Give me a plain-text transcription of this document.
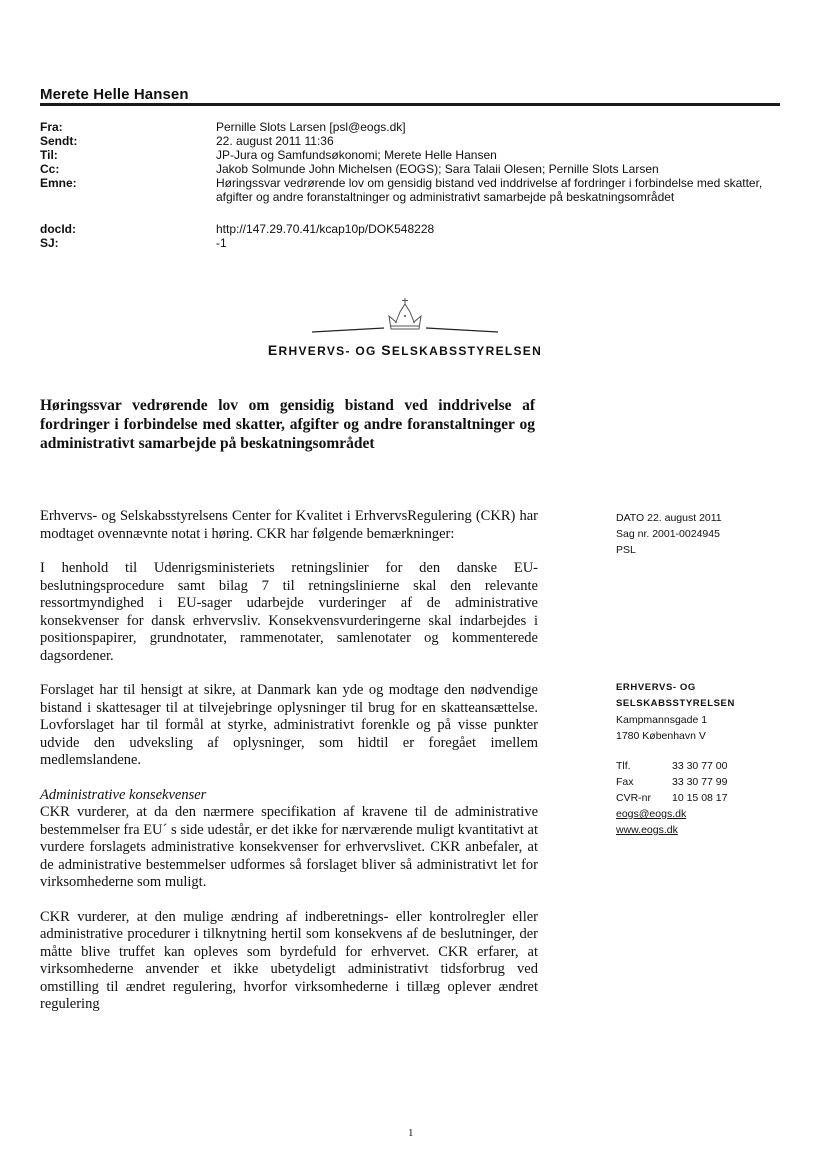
Merete Helle Hansen
Fra:	Pernille Slots Larsen [psl@eogs.dk]
Sendt:	22. august 2011 11:36
Til:	JP-Jura og Samfundsøkonomi; Merete Helle Hansen
Cc:	Jakob Solmunde John Michelsen (EOGS); Sara Talaii Olesen; Pernille Slots Larsen
Emne:	Høringssvar vedrørende lov om gensidig bistand ved inddrivelse af fordringer i forbindelse med skatter, afgifter og andre foranstaltninger og administrativt samarbejde på beskatningsområdet
docId:	http://147.29.70.41/kcap10p/DOK548228
SJ:	-1
ERHVERVS- OG SELSKABSSTYRELSEN
Høringssvar vedrørende lov om gensidig bistand ved inddrivelse af fordringer i forbindelse med skatter, afgifter og andre foranstaltninger og administrativt samarbejde på beskatningsområdet

Erhvervs- og Selskabsstyrelsens Center for Kvalitet i ErhvervsRegulering (CKR) har modtaget ovennævnte notat i høring. CKR har følgende bemærkninger:

I henhold til Udenrigsministeriets retningslinier for den danske EU-beslutningsprocedure samt bilag 7 til retningslinierne skal den relevante ressortmyndighed i EU-sager udarbejde vurderinger af de administrative konsekvenser for dansk erhvervsliv. Konsekvensvurderingerne skal indarbejdes i positionspapirer, grundnotater, rammenotater, samlenotater og kommenterede dagsordener.

Forslaget har til hensigt at sikre, at Danmark kan yde og modtage den nødvendige bistand i skattesager til at tilvejebringe oplysninger til brug for en skatteansættelse. Lovforslaget har til formål at styrke, administrativt forenkle og på visse punkter udvide den udveksling af oplysninger, som hidtil er foregået imellem medlemslandene.

Administrative konsekvenser

CKR vurderer, at da den nærmere specifikation af kravene til de administrative bestemmelser fra EU´ s side udestår, er det ikke for nærværende muligt kvantitativt at vurdere forslagets administrative konsekvenser for erhvervslivet. CKR anbefaler, at de administrative bestemmelser udformes så forslaget bliver så administrativt let for virksomhederne som muligt.

CKR vurderer, at den mulige ændring af indberetnings- eller kontrolregler eller administrative procedurer i tilknytning hertil som konsekvens af de beslutninger, der måtte blive truffet kan opleves som byrdefuld for erhvervet. CKR erfarer, at virksomhederne anvender et ikke ubetydeligt administrativt tidsforbrug ved omstilling til ændret regulering, hvorfor virksomhederne i tillæg oplever ændret regulering

DATO 22. august 2011
Sag nr. 2001-0024945
PSL
ERHVERVS- OG
SELSKABSSTYRELSEN
Kampmannsgade 1
1780 København V
Tlf.	33 30 77 00
Fax	33 30 77 99
CVR-nr	10 15 08 17
eogs@eogs.dk
www.eogs.dk
1
